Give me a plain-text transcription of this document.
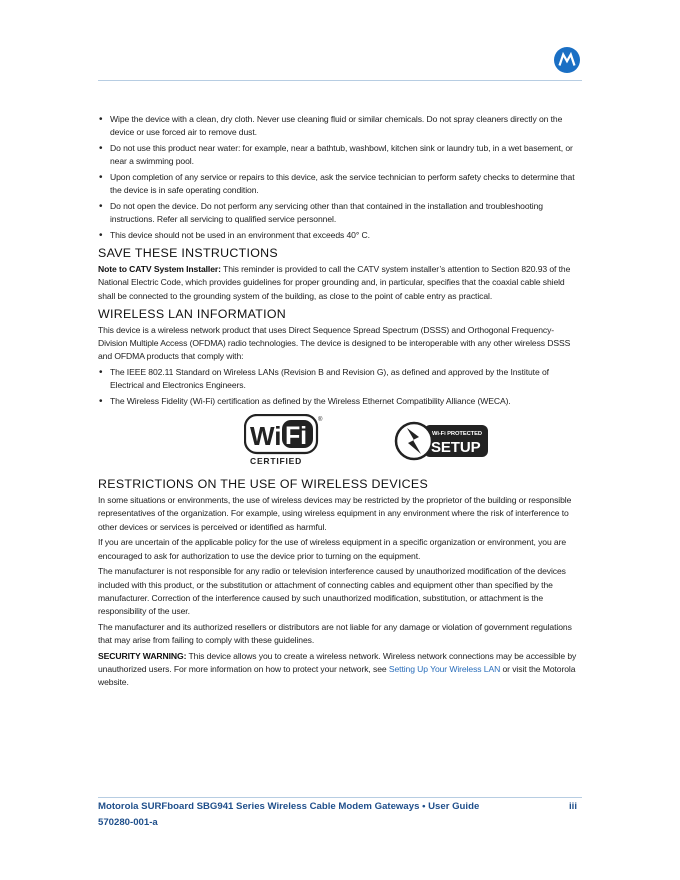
• Wipe the device with a clean, dry cloth. Never use cleaning fluid or similar chemicals. Do not spray cleaners directly on the device or use forced air to remove dust.
• Do not use this product near water: for example, near a bathtub, washbowl, kitchen sink or laundry tub, in a wet basement, or near a swimming pool.
• Upon completion of any service or repairs to this device, ask the service technician to perform safety checks to determine that the device is in safe operating condition.
• Do not open the device. Do not perform any servicing other than that contained in the installation and troubleshooting instructions. Refer all servicing to qualified service personnel.
• This device should not be used in an environment that exceeds 40° C.
SAVE THESE INSTRUCTIONS

Note to CATV System Installer: This reminder is provided to call the CATV system installer’s attention to Section 820.93 of the National Electric Code, which provides guidelines for proper grounding and, in particular, specifies that the coaxial cable shield shall be connected to the grounding system of the building, as close to the point of cable entry as practical.

WIRELESS LAN INFORMATION

This device is a wireless network product that uses Direct Sequence Spread Spectrum (DSSS) and Orthogonal Frequency-Division Multiple Access (OFDMA) radio technologies. The device is designed to be interoperable with any other wireless DSSS and OFDMA products that comply with:

• The IEEE 802.11 Standard on Wireless LANs (Revision B and Revision G), as defined and approved by the Institute of Electrical and Electronics Engineers.
• The Wireless Fidelity (Wi-Fi) certification as defined by the Wireless Ethernet Compatibility Alliance (WECA).
Wi Fi
®
CERTIFIED
Wi-Fi PROTECTED
SETUP
RESTRICTIONS ON THE USE OF WIRELESS DEVICES

In some situations or environments, the use of wireless devices may be restricted by the proprietor of the building or responsible representatives of the organization. For example, using wireless equipment in any environment where the risk of interference to other devices or services is perceived or identified as harmful.

If you are uncertain of the applicable policy for the use of wireless equipment in a specific organization or environment, you are encouraged to ask for authorization to use the device prior to turning on the equipment.

The manufacturer is not responsible for any radio or television interference caused by unauthorized modification of the devices included with this product, or the substitution or attachment of connecting cables and equipment other than specified by the manufacturer. Correction of the interference caused by such unauthorized modification, substitution, or attachment is the responsibility of the user.

The manufacturer and its authorized resellers or distributors are not liable for any damage or violation of government regulations that may arise from failing to comply with these guidelines.

SECURITY WARNING: This device allows you to create a wireless network. Wireless network connections may be accessible by unauthorized users. For more information on how to protect your network, see Setting Up Your Wireless LAN or visit the Motorola website.

Motorola SURFboard SBG941 Series Wireless Cable Modem Gateways • User Guide	iii
570280-001-a
